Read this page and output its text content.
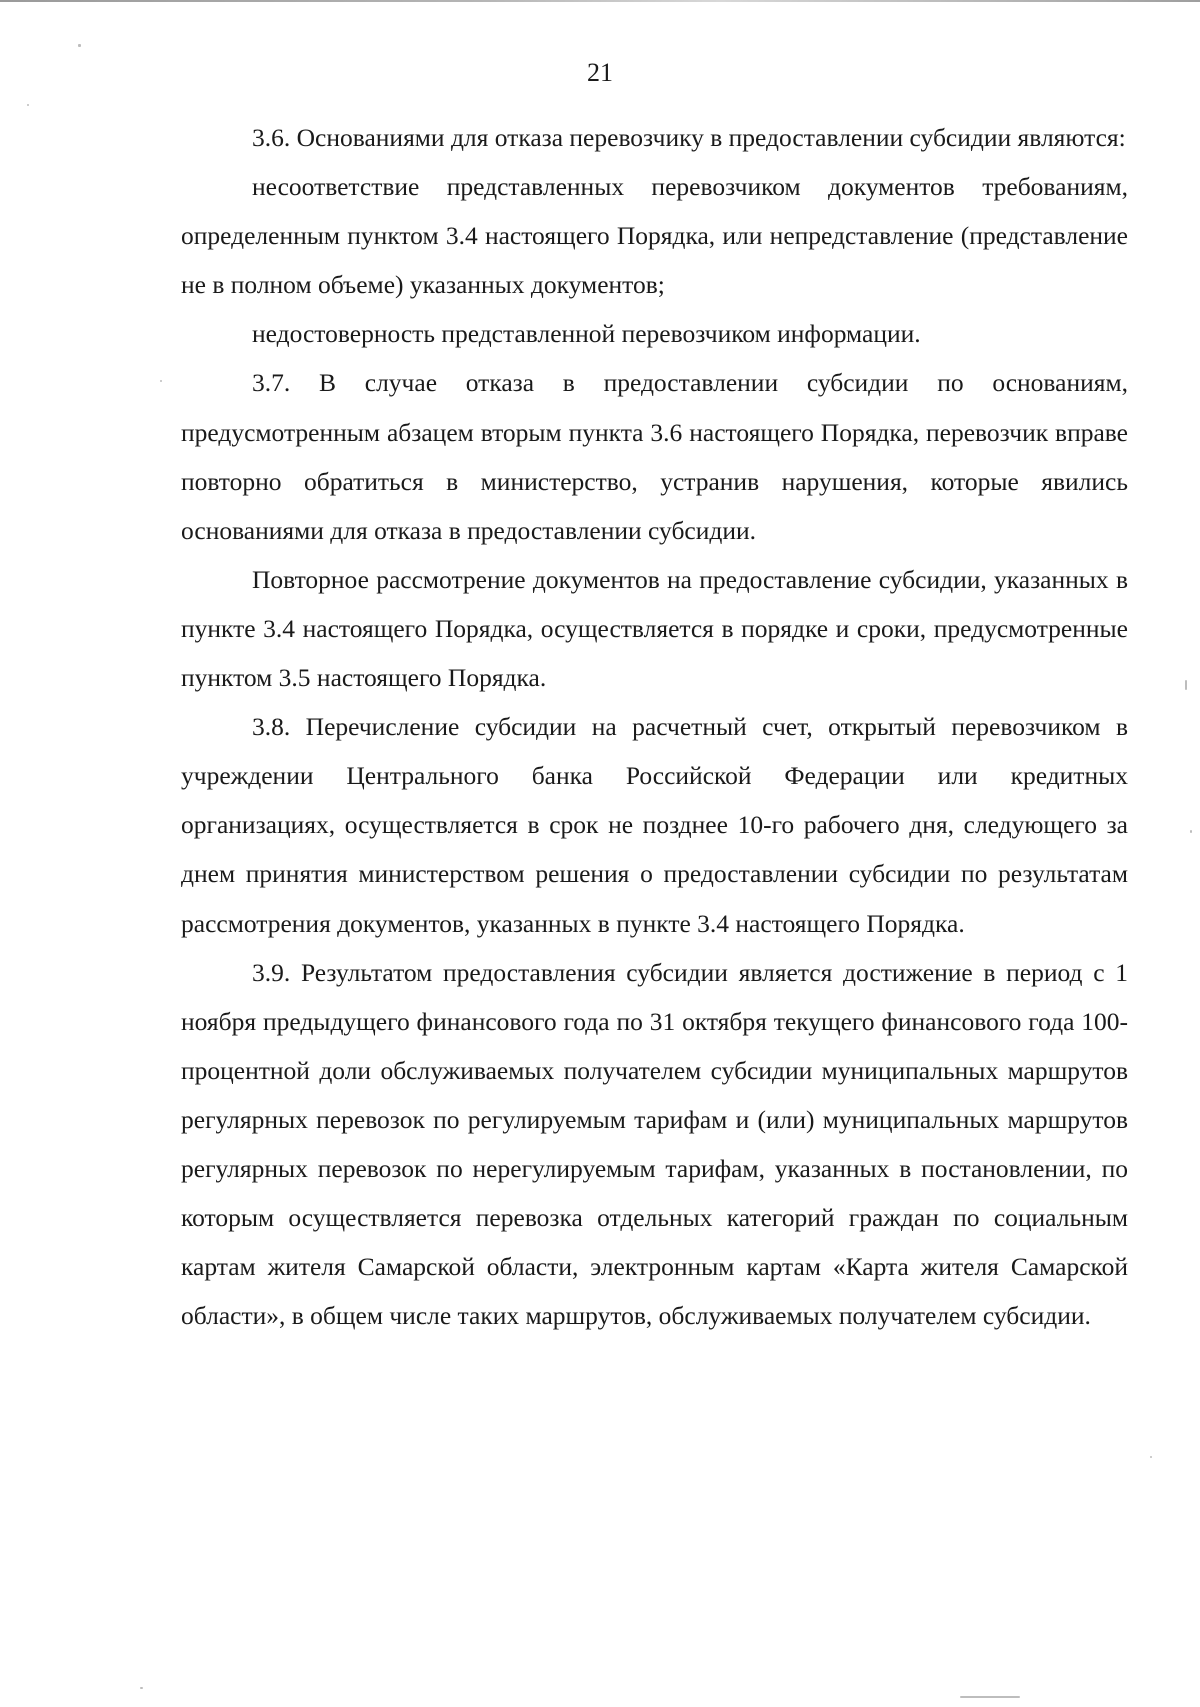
21

3.6. Основаниями для отказа перевозчику в предоставлении субсидии являются:

несоответствие представленных перевозчиком документов требованиям, определенным пунктом 3.4 настоящего Порядка, или непредставление (представление не в полном объеме) указанных документов;

недостоверность представленной перевозчиком информации.

3.7. В случае отказа в предоставлении субсидии по основаниям, предусмотренным абзацем вторым пункта 3.6 настоящего Порядка, перевозчик вправе повторно обратиться в министерство, устранив нарушения, которые явились основаниями для отказа в предоставлении субсидии.

Повторное рассмотрение документов на предоставление субсидии, указанных в пункте 3.4 настоящего Порядка, осуществляется в порядке и сроки, предусмотренные пунктом 3.5 настоящего Порядка.

3.8. Перечисление субсидии на расчетный счет, открытый перевозчиком в учреждении Центрального банка Российской Федерации или кредитных организациях, осуществляется в срок не позднее 10-го рабочего дня, следующего за днем принятия министерством решения о предоставлении субсидии по результатам рассмотрения документов, указанных в пункте 3.4 настоящего Порядка.

3.9. Результатом предоставления субсидии является достижение в период с 1 ноября предыдущего финансового года по 31 октября текущего финансового года 100-процентной доли обслуживаемых получателем субсидии муниципальных маршрутов регулярных перевозок по регулируемым тарифам и (или) муниципальных маршрутов регулярных перевозок по нерегулируемым тарифам, указанных в постановлении, по которым осуществляется перевозка отдельных категорий граждан по социальным картам жителя Самарской области, электронным картам «Карта жителя Самарской области», в общем числе таких маршрутов, обслуживаемых получателем субсидии.
